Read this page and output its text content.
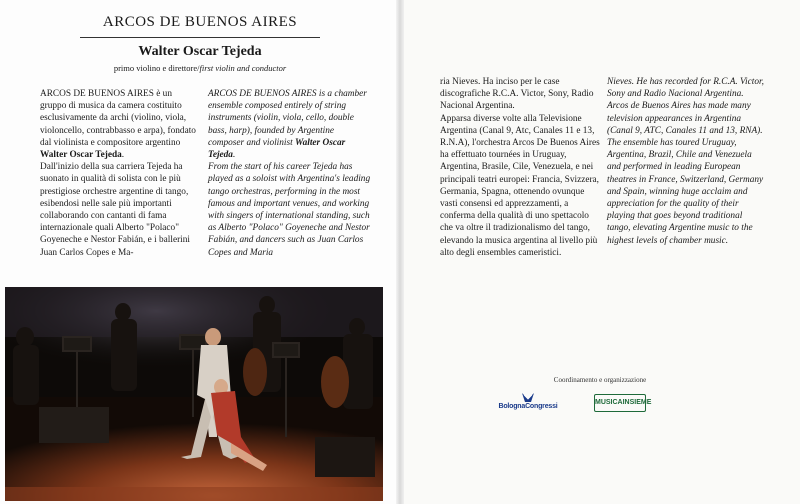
ARCOS DE BUENOS AIRES
Walter Oscar Tejeda
primo violino e direttore/first violin and conductor

ARCOS DE BUENOS AIRES è un gruppo di musica da camera costituito esclusivamente da archi (violino, viola, violoncello, contrabbasso e arpa), fondato dal violinista e compositore argentino Walter Oscar Tejeda.

Dall'inizio della sua carriera Tejeda ha suonato in qualità di solista con le più prestigiose orchestre argentine di tango, esibendosi nelle sale più importanti collaborando con cantanti di fama internazionale quali Alberto "Polaco" Goyeneche e Nestor Fabián, e i ballerini Juan Carlos Copes e Ma-

ARCOS DE BUENOS AIRES is a chamber ensemble composed entirely of string instruments (violin, viola, cello, double bass, harp), founded by Argentine composer and violinist Walter Oscar Tejeda.

From the start of his career Tejeda has played as a soloist with Argentina's leading tango orchestras, performing in the most famous and important venues, and working with singers of international standing, such as Alberto "Polaco" Goyeneche and Nestor Fabián, and dancers such as Juan Carlos Copes and Maria

ria Nieves. Ha inciso per le case discografiche R.C.A. Victor, Sony, Radio Nacional Argentina.

Apparsa diverse volte alla Televisione Argentina (Canal 9, Atc, Canales 11 e 13, R.N.A), l'orchestra Arcos De Buenos Aires ha effettuato tournées in Uruguay, Argentina, Brasile, Cile, Venezuela, e nei principali teatri europei: Francia, Svizzera, Germania, Spagna, ottenendo ovunque vasti consensi ed apprezzamenti, a conferma della qualità di uno spettacolo che va oltre il tradizionalismo del tango, elevando la musica argentina al livello più alto degli ensembles cameristici.

Nieves. He has recorded for R.C.A. Victor, Sony and Radio Nacional Argentina.

Arcos de Buenos Aires has made many television appearances in Argentina (Canal 9, ATC, Canales 11 and 13, RNA). The ensemble has toured Uruguay, Argentina, Brazil, Chile and Venezuela and performed in leading European theatres in France, Switzerland, Germany and Spain, winning huge acclaim and appreciation for the quality of their playing that goes beyond traditional tango, elevating Argentine music to the highest levels of chamber music.

Coordinamento e organizzazione
BolognaCongressi
MUSICAINSIEME
